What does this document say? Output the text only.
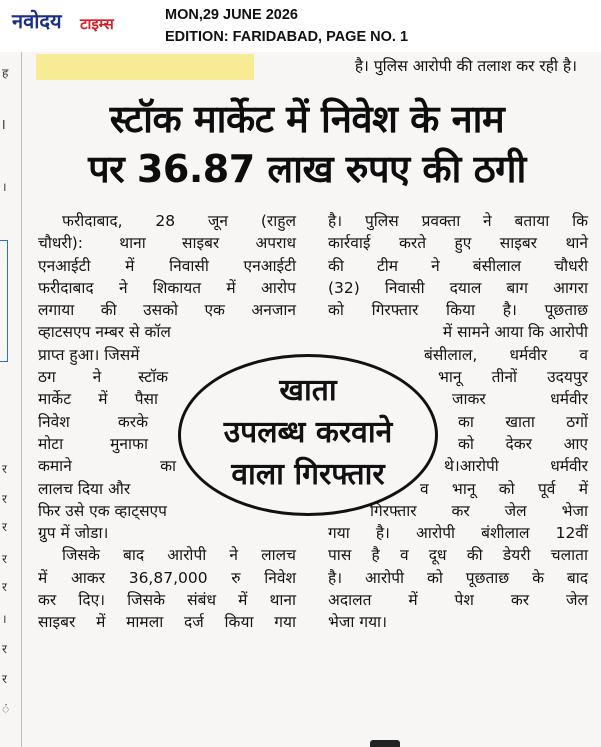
नवोदय टाइम्स	MON,29 JUNE 2026
EDITION: FARIDABAD, PAGE NO. 1
ह
I
।
र
र
र
र
र
।
र
र
ं
है। पुलिस आरोपी की तलाश कर रही है।
स्टॉक मार्केट में निवेश के नाम
पर 36.87 लाख रुपए की ठगी
फरीदाबाद, 28 जून (राहुल
चौधरी): थाना साइबर अपराध
एनआईटी में निवासी एनआईटी
फरीदाबाद ने शिकायत में आरोप
लगाया की उसको एक अनजान
व्हाटसएप नम्बर से कॉल
प्राप्त हुआ। जिसमें
ठग ने स्टॉक
मार्केट में पैसा
निवेश करके
मोटा मुनाफा
कमाने का
लालच दिया और
फिर उसे एक व्हाट्सएप
ग्रुप में जोडा।
जिसके बाद आरोपी ने लालच
में आकर 36,87,000 रु निवेश
कर दिए। जिसके संबंध में थाना
साइबर में मामला दर्ज किया गया
है। पुलिस प्रवक्ता ने बताया कि
कार्रवाई करते हुए साइबर थाने
की टीम ने बंसीलाल चौधरी
(32) निवासी दयाल बाग आगरा
को गिरफ्तार किया है। पूछताछ
में सामने आया कि आरोपी
बंसीलाल, धर्मवीर व
भानू तीनों उदयपुर
जाकर धर्मवीर
का खाता ठगों
को देकर आए
थे।आरोपी धर्मवीर
व भानू को पूर्व में
गिरफ्तार कर जेल भेजा
गया है। आरोपी बंशीलाल 12वीं
पास है व दूध की डेयरी चलाता
है। आरोपी को पूछताछ के बाद
अदालत में पेश कर जेल
भेजा गया।
खाता
उपलब्ध करवाने
वाला गिरफ्तार
